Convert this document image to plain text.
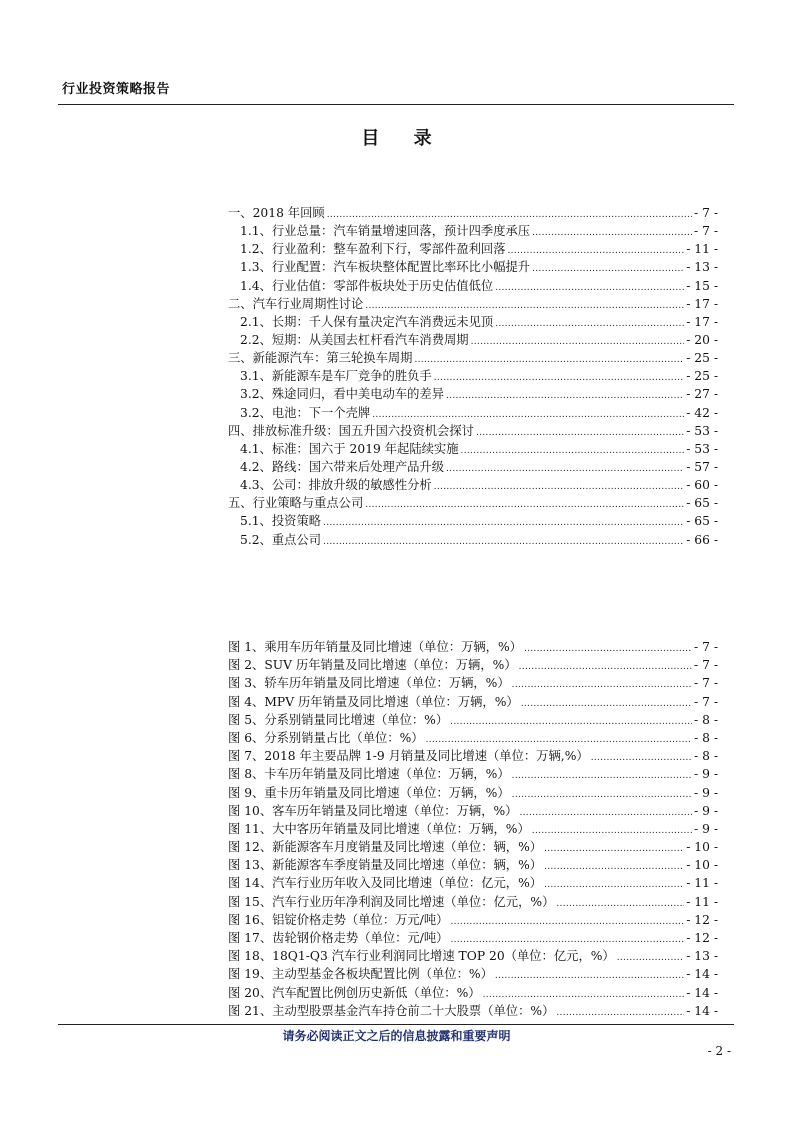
行业投资策略报告
目 录
一、2018 年回顾 .....	- 7 -
1.1、行业总量：汽车销量增速回落，预计四季度承压 .....	- 7 -
1.2、行业盈利：整车盈利下行，零部件盈利回落 .....	- 11 -
1.3、行业配置：汽车板块整体配置比率环比小幅提升 .....	- 13 -
1.4、行业估值：零部件板块处于历史估值低位 .....	- 15 -
二、汽车行业周期性讨论 .....	- 17 -
2.1、长期：千人保有量决定汽车消费远未见顶 .....	- 17 -
2.2、短期：从美国去杠杆看汽车消费周期 .....	- 20 -
三、新能源汽车：第三轮换车周期 .....	- 25 -
3.1、新能源车是车厂竞争的胜负手 .....	- 25 -
3.2、殊途同归，看中美电动车的差异 .....	- 27 -
3.2、电池：下一个壳牌 .....	- 42 -
四、排放标准升级：国五升国六投资机会探讨 .....	- 53 -
4.1、标准：国六于 2019 年起陆续实施 .....	- 53 -
4.2、路线：国六带来后处理产品升级 .....	- 57 -
4.3、公司：排放升级的敏感性分析 .....	- 60 -
五、行业策略与重点公司 .....	- 65 -
5.1、投资策略 .....	- 65 -
5.2、重点公司 .....	- 66 -
图 1、乘用车历年销量及同比增速（单位：万辆，%） .....	- 7 -
图 2、SUV 历年销量及同比增速（单位：万辆，%） .....	- 7 -
图 3、轿车历年销量及同比增速（单位：万辆，%） .....	- 7 -
图 4、MPV 历年销量及同比增速（单位：万辆，%） .....	- 7 -
图 5、分系别销量同比增速（单位：%） .....	- 8 -
图 6、分系别销量占比（单位：%） .....	- 8 -
图 7、2018 年主要品牌 1-9 月销量及同比增速（单位：万辆,%） .....	- 8 -
图 8、卡车历年销量及同比增速（单位：万辆，%） .....	- 9 -
图 9、重卡历年销量及同比增速（单位：万辆，%） .....	- 9 -
图 10、客车历年销量及同比增速（单位：万辆，%） .....	- 9 -
图 11、大中客历年销量及同比增速（单位：万辆，%） .....	- 9 -
图 12、新能源客车月度销量及同比增速（单位：辆，%） .....	- 10 -
图 13、新能源客车季度销量及同比增速（单位：辆，%） .....	- 10 -
图 14、汽车行业历年收入及同比增速（单位：亿元，%） .....	- 11 -
图 15、汽车行业历年净利润及同比增速（单位：亿元，%） .....	- 11 -
图 16、铝锭价格走势（单位：万元/吨） .....	- 12 -
图 17、齿轮钢价格走势（单位：元/吨） .....	- 12 -
图 18、18Q1-Q3 汽车行业利润同比增速 TOP 20（单位：亿元，%） .....	- 13 -
图 19、主动型基金各板块配置比例（单位：%） .....	- 14 -
图 20、汽车配置比例创历史新低（单位：%） .....	- 14 -
图 21、主动型股票基金汽车持仓前二十大股票（单位：%） .....	- 14 -
请务必阅读正文之后的信息披露和重要声明
- 2 -
